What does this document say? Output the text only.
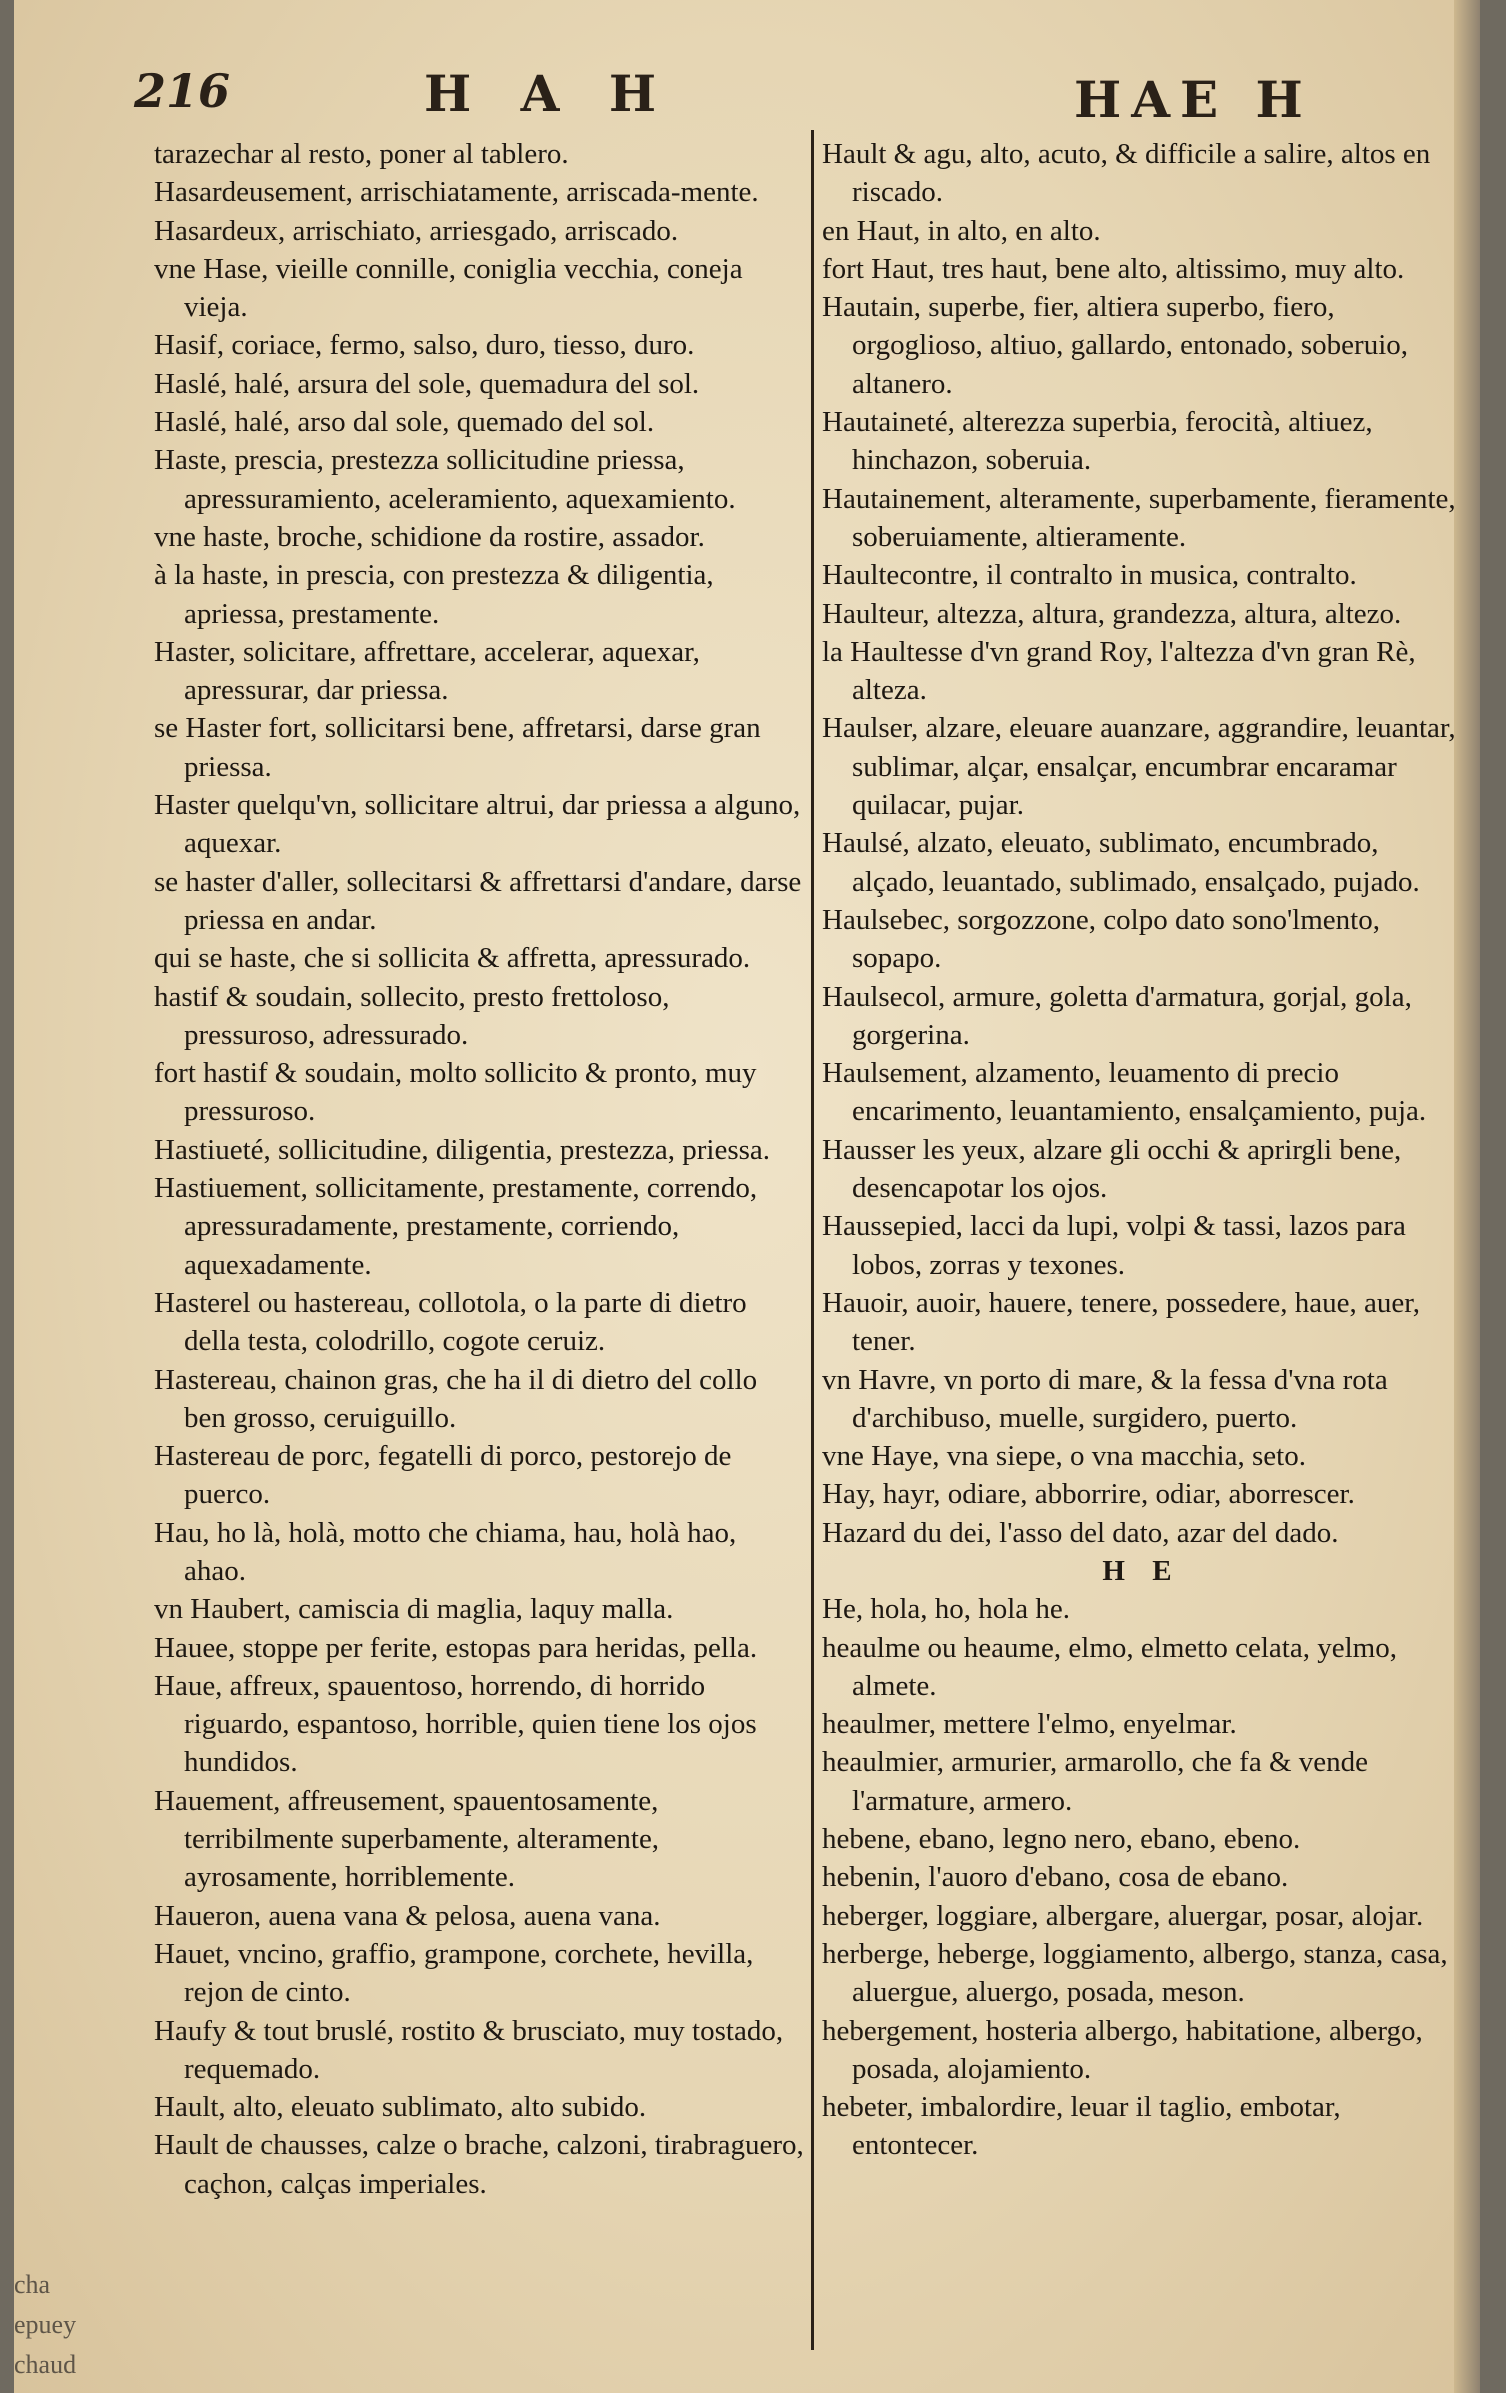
216	H A H	HAE H

tarazechar al resto, poner al tablero.

Hasardeusement, arrischiatamente, arriscada-mente.

Hasardeux, arrischiato, arriesgado, arriscado.

vne Hase, vieille connille, coniglia vecchia, coneja vieja.

Hasif, coriace, fermo, salso, duro, tiesso, duro.

Haslé, halé, arsura del sole, quemadura del sol.

Haslé, halé, arso dal sole, quemado del sol.

Haste, prescia, prestezza sollicitudine priessa, apressuramiento, aceleramiento, aquexamiento.

vne haste, broche, schidione da rostire, assador.

à la haste, in prescia, con prestezza & diligentia, apriessa, prestamente.

Haster, solicitare, affrettare, accelerar, aquexar, apressurar, dar priessa.

se Haster fort, sollicitarsi bene, affretarsi, darse gran priessa.

Haster quelqu'vn, sollicitare altrui, dar priessa a alguno, aquexar.

se haster d'aller, sollecitarsi & affrettarsi d'andare, darse priessa en andar.

qui se haste, che si sollicita & affretta, apressurado.

hastif & soudain, sollecito, presto frettoloso, pressuroso, adressurado.

fort hastif & soudain, molto sollicito & pronto, muy pressuroso.

Hastiueté, sollicitudine, diligentia, prestezza, priessa.

Hastiuement, sollicitamente, prestamente, correndo, apressuradamente, prestamente, corriendo, aquexadamente.

Hasterel ou hastereau, collotola, o la parte di dietro della testa, colodrillo, cogote ceruiz.

Hastereau, chainon gras, che ha il di dietro del collo ben grosso, ceruiguillo.

Hastereau de porc, fegatelli di porco, pestorejo de puerco.

Hau, ho là, holà, motto che chiama, hau, holà hao, ahao.

vn Haubert, camiscia di maglia, laquy malla.

Hauee, stoppe per ferite, estopas para heridas, pella.

Haue, affreux, spauentoso, horrendo, di horrido riguardo, espantoso, horrible, quien tiene los ojos hundidos.

Hauement, affreusement, spauentosamente, terribilmente superbamente, alteramente, ayrosamente, horriblemente.

Haueron, auena vana & pelosa, auena vana.

Hauet, vncino, graffio, grampone, corchete, hevilla, rejon de cinto.

Haufy & tout bruslé, rostito & brusciato, muy tostado, requemado.

Hault, alto, eleuato sublimato, alto subido.

Hault de chausses, calze o brache, calzoni, tirabraguero, caçhon, calças imperiales.

Hault & agu, alto, acuto, & difficile a salire, altos en riscado.

en Haut, in alto, en alto.

fort Haut, tres haut, bene alto, altissimo, muy alto.

Hautain, superbe, fier, altiera superbo, fiero, orgoglioso, altiuo, gallardo, entonado, soberuio, altanero.

Hautaineté, alterezza superbia, ferocità, altiuez, hinchazon, soberuia.

Hautainement, alteramente, superbamente, fieramente, soberuiamente, altieramente.

Haultecontre, il contralto in musica, contralto.

Haulteur, altezza, altura, grandezza, altura, altezo.

la Haultesse d'vn grand Roy, l'altezza d'vn gran Rè, alteza.

Haulser, alzare, eleuare auanzare, aggrandire, leuantar, sublimar, alçar, ensalçar, encumbrar encaramar quilacar, pujar.

Haulsé, alzato, eleuato, sublimato, encumbrado, alçado, leuantado, sublimado, ensalçado, pujado.

Haulsebec, sorgozzone, colpo dato sono'lmento, sopapo.

Haulsecol, armure, goletta d'armatura, gorjal, gola, gorgerina.

Haulsement, alzamento, leuamento di precio encarimento, leuantamiento, ensalçamiento, puja.

Hausser les yeux, alzare gli occhi & aprirgli bene, desencapotar los ojos.

Haussepied, lacci da lupi, volpi & tassi, lazos para lobos, zorras y texones.

Hauoir, auoir, hauere, tenere, possedere, haue, auer, tener.

vn Havre, vn porto di mare, & la fessa d'vna rota d'archibuso, muelle, surgidero, puerto.

vne Haye, vna siepe, o vna macchia, seto.

Hay, hayr, odiare, abborrire, odiar, aborrescer.

Hazard du dei, l'asso del dato, azar del dado.

H E

He, hola, ho, hola he.

heaulme ou heaume, elmo, elmetto celata, yelmo, almete.

heaulmer, mettere l'elmo, enyelmar.

heaulmier, armurier, armarollo, che fa & vende l'armature, armero.

hebene, ebano, legno nero, ebano, ebeno.

hebenin, l'auoro d'ebano, cosa de ebano.

heberger, loggiare, albergare, aluergar, posar, alojar.

herberge, heberge, loggiamento, albergo, stanza, casa, aluergue, aluergo, posada, meson.

hebergement, hosteria albergo, habitatione, albergo, posada, alojamiento.

hebeter, imbalordire, leuar il taglio, embotar, entontecer.

cha
epuey
chaud
